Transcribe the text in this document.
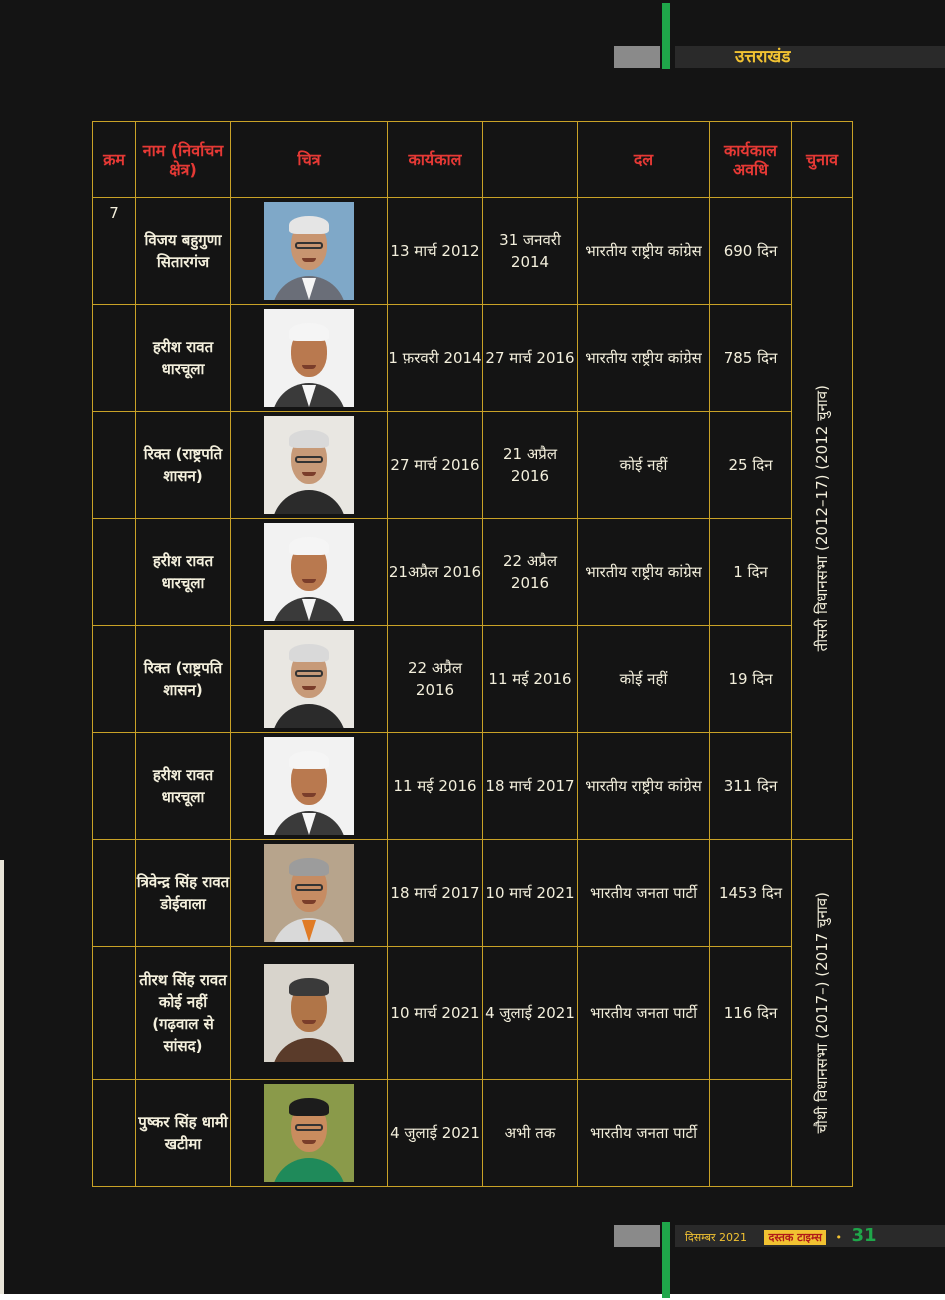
उत्तराखंड
क्रम	नाम (निर्वाचन क्षेत्र)	चित्र	कार्यकाल		दल	कार्यकाल अवधि	चुनाव
7	विजय बहुगुणा सितारगंज		13 मार्च 2012	31 जनवरी 2014	भारतीय राष्ट्रीय कांग्रेस	690 दिन	तीसरी विधानसभा (2012–17) (2012 चुनाव)

	हरीश रावत धारचूला		1 फ़रवरी 2014	27 मार्च 2016	भारतीय राष्ट्रीय कांग्रेस	785 दिन	
	रिक्त (राष्ट्रपति शासन)		27 मार्च 2016	21 अप्रैल 2016	कोई नहीं	25 दिन	
	हरीश रावत धारचूला		21अप्रैल 2016	22 अप्रैल 2016	भारतीय राष्ट्रीय कांग्रेस	1 दिन	
	रिक्त (राष्ट्रपति शासन)		22 अप्रैल 2016	11 मई 2016	कोई नहीं	19 दिन	
	हरीश रावत धारचूला		11 मई 2016	18 मार्च 2017	भारतीय राष्ट्रीय कांग्रेस	311 दिन	
	त्रिवेन्द्र सिंह रावत डोईवाला		18 मार्च 2017	10 मार्च 2021	भारतीय जनता पार्टी	1453 दिन	चौथी विधानसभा (2017–) (2017 चुनाव)

	तीरथ सिंह रावत कोई नहीं (गढ़वाल से सांसद)		10 मार्च 2021	4 जुलाई 2021	भारतीय जनता पार्टी	116 दिन	
	पुष्कर सिंह धामी खटीमा		4 जुलाई 2021	अभी तक	भारतीय जनता पार्टी		
दिसम्बर 2021 दस्तक टाइम्स • 31
